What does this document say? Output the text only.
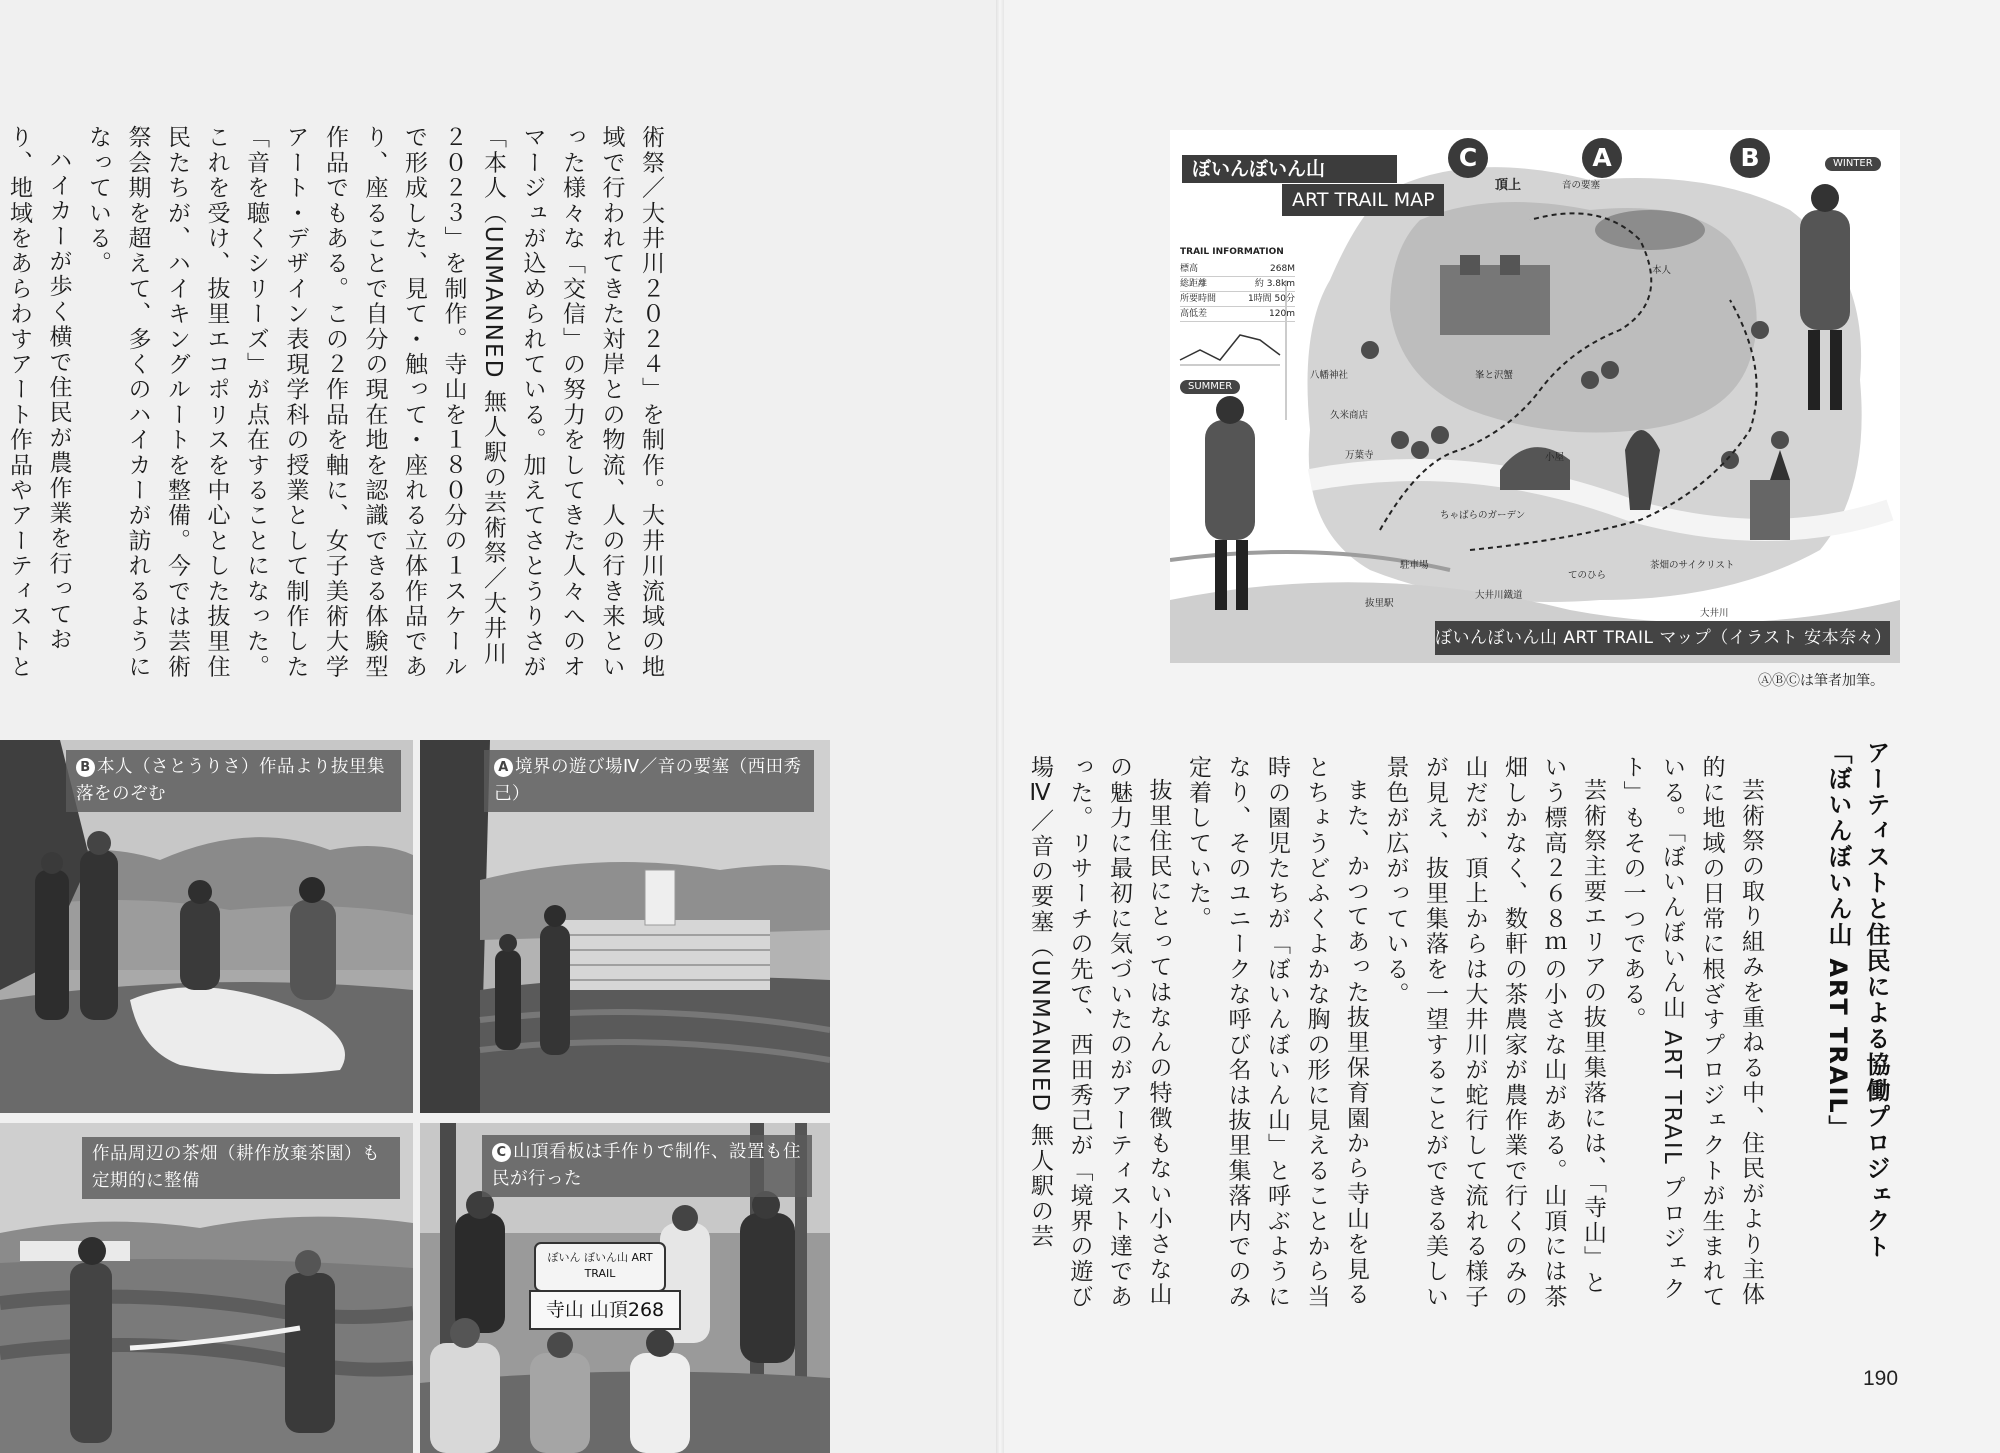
術祭／大井川２０２４」を制作。大井川流域の地域で行われてきた対岸との物流、人の行き来といった様々な「交信」の努力をしてきた人々へのオマージュが込められている。加えてさとうりさが「本人（UNMANNED 無人駅の芸術祭／大井川２０２３」を制作。寺山を１８０分の１スケールで形成した、見て・触って・座れる立体作品であり、座ることで自分の現在地を認識できる体験型作品でもある。この２作品を軸に、女子美術大学アート・デザイン表現学科の授業として制作した「音を聴くシリーズ」が点在することになった。これを受け、抜里エコポリスを中心とした抜里住民たちが、ハイキングルートを整備。今では芸術祭会期を超えて、多くのハイカーが訪れるようになっている。

ハイカーが歩く横で住民が農作業を行っており、地域をあらわすアート作品やアーティストと

B 本人（さとうりさ）作品より抜里集落をのぞむ
A 境界の遊び場Ⅳ／音の要塞（西田秀己）
作品周辺の茶畑（耕作放棄茶園）も定期的に整備
ぼいん ぼいん山 ART TRAIL
寺山 山頂268
C 山頂看板は手作りで制作、設置も住民が行った
ぼいんぼいん山
ART TRAIL MAP
C	A	B
頂上
TRAIL INFORMATION
標高	268M
総距離	約 3.8km
所要時間	1時間 50分
高低差	120m
SUMMER
WINTER
音の要塞
本人
ちゃばらのガーデン
茶畑のサイクリスト
てのひら
久米商店
駐車場
抜里駅
大井川鐵道
大井川
八幡神社
万葉寺	小屋
峯と沢蟹
ぼいんぼいん山 ART TRAIL マップ（イラスト 安本奈々）
ⒶⒷⒸは筆者加筆。

アーティストと住民による協働プロジェクト

「ぼいんぼいん山 ART TRAIL」

芸術祭の取り組みを重ねる中、住民がより主体的に地域の日常に根ざすプロジェクトが生まれている。「ぼいんぼいん山 ART TRAIL プロジェクト」もその一つである。

芸術祭主要エリアの抜里集落には、「寺山」という標高２６８ｍの小さな山がある。山頂には茶畑しかなく、数軒の茶農家が農作業で行くのみの山だが、頂上からは大井川が蛇行して流れる様子が見え、抜里集落を一望することができる美しい景色が広がっている。

また、かつてあった抜里保育園から寺山を見るとちょうどふくよかな胸の形に見えることから当時の園児たちが「ぼいんぼいん山」と呼ぶようになり、そのユニークな呼び名は抜里集落内でのみ定着していた。

抜里住民にとってはなんの特徴もない小さな山の魅力に最初に気づいたのがアーティスト達であった。リサーチの先で、西田秀己が「境界の遊び場Ⅳ／音の要塞（UNMANNED 無人駅の芸

190
